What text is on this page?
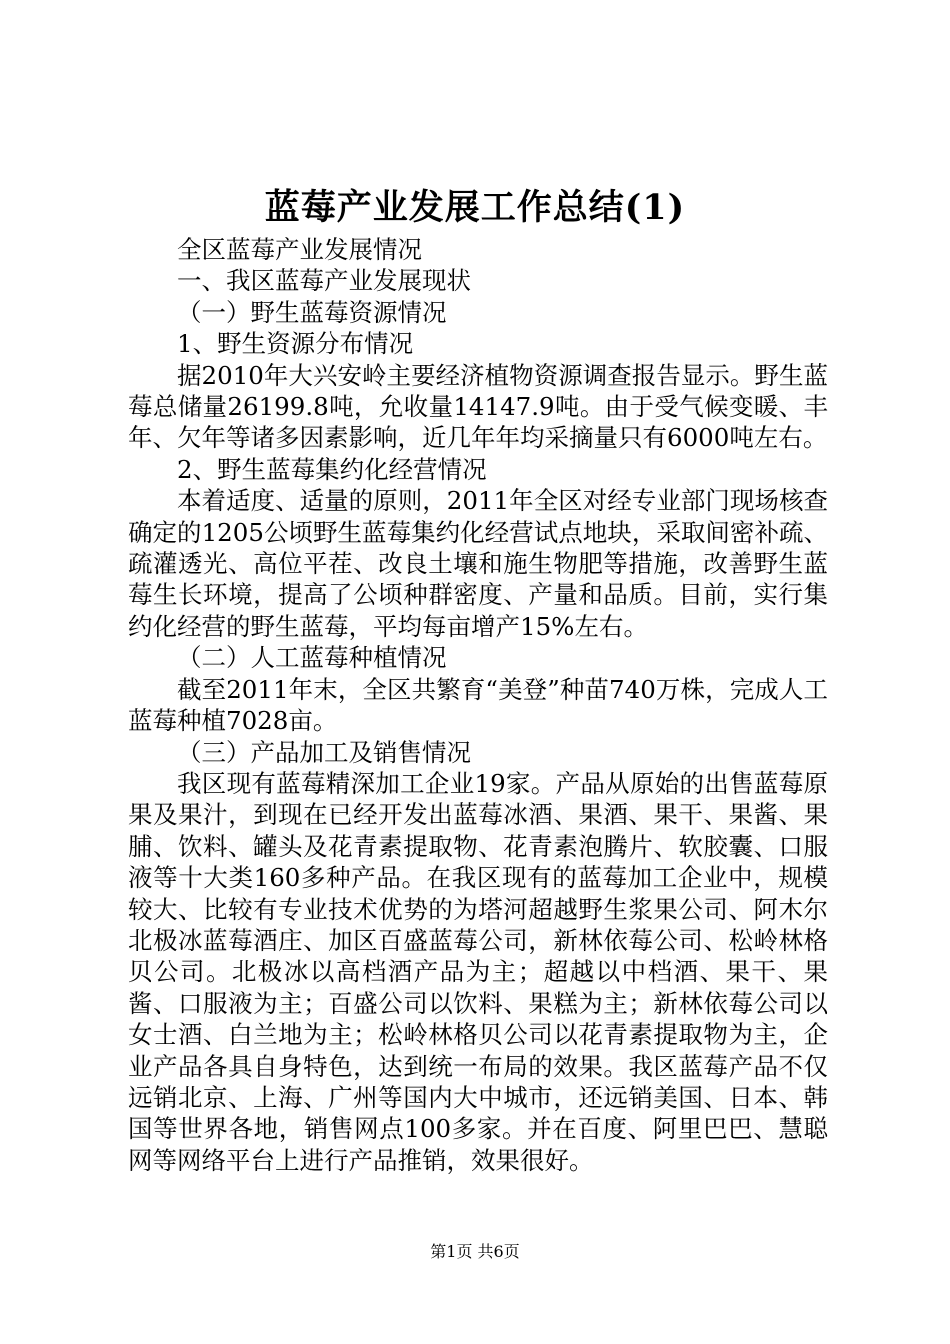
蓝莓产业发展工作总结(1)

全区蓝莓产业发展情况

一、我区蓝莓产业发展现状

（一）野生蓝莓资源情况

1、野生资源分布情况

据2010年大兴安岭主要经济植物资源调查报告显示。野生蓝莓总储量26199.8吨，允收量14147.9吨。由于受气候变暖、丰年、欠年等诸多因素影响，近几年年均采摘量只有6000吨左右。

2、野生蓝莓集约化经营情况

本着适度、适量的原则，2011年全区对经专业部门现场核查确定的1205公顷野生蓝莓集约化经营试点地块，采取间密补疏、疏灌透光、高位平茬、改良土壤和施生物肥等措施，改善野生蓝莓生长环境，提高了公顷种群密度、产量和品质。目前，实行集约化经营的野生蓝莓，平均每亩增产15%左右。

（二）人工蓝莓种植情况

截至2011年末，全区共繁育“美登”种苗740万株，完成人工蓝莓种植7028亩。

（三）产品加工及销售情况

我区现有蓝莓精深加工企业19家。产品从原始的出售蓝莓原果及果汁，到现在已经开发出蓝莓冰酒、果酒、果干、果酱、果脯、饮料、罐头及花青素提取物、花青素泡腾片、软胶囊、口服液等十大类160多种产品。在我区现有的蓝莓加工企业中，规模较大、比较有专业技术优势的为塔河超越野生浆果公司、阿木尔北极冰蓝莓酒庄、加区百盛蓝莓公司，新林依莓公司、松岭林格贝公司。北极冰以高档酒产品为主；超越以中档酒、果干、果酱、口服液为主；百盛公司以饮料、果糕为主；新林依莓公司以女士酒、白兰地为主；松岭林格贝公司以花青素提取物为主，企业产品各具自身特色，达到统一布局的效果。我区蓝莓产品不仅远销北京、上海、广州等国内大中城市，还远销美国、日本、韩国等世界各地，销售网点100多家。并在百度、阿里巴巴、慧聪网等网络平台上进行产品推销，效果很好。

第1页 共6页
